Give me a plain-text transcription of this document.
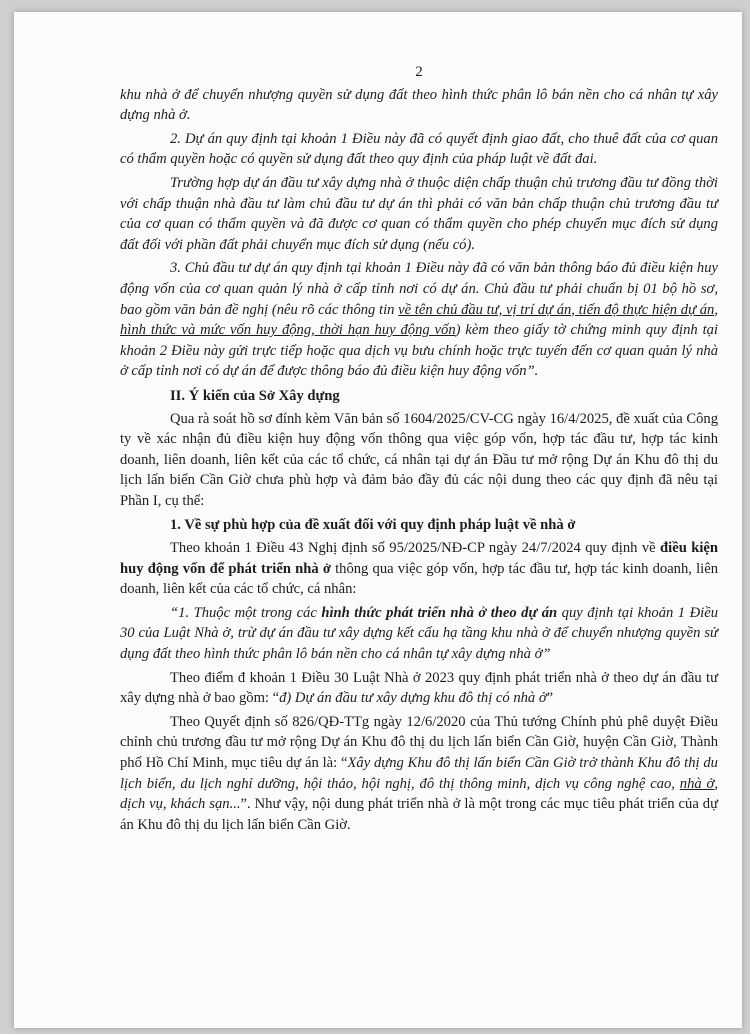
2

khu nhà ở để chuyển nhượng quyền sử dụng đất theo hình thức phân lô bán nền cho cá nhân tự xây dựng nhà ở.

2. Dự án quy định tại khoản 1 Điều này đã có quyết định giao đất, cho thuê đất của cơ quan có thẩm quyền hoặc có quyền sử dụng đất theo quy định của pháp luật về đất đai.

Trường hợp dự án đầu tư xây dựng nhà ở thuộc diện chấp thuận chủ trương đầu tư đồng thời với chấp thuận nhà đầu tư làm chủ đầu tư dự án thì phải có văn bản chấp thuận chủ trương đầu tư của cơ quan có thẩm quyền và đã được cơ quan có thẩm quyền cho phép chuyển mục đích sử dụng đất đối với phần đất phải chuyển mục đích sử dụng (nếu có).

3. Chủ đầu tư dự án quy định tại khoản 1 Điều này đã có văn bản thông báo đủ điều kiện huy động vốn của cơ quan quản lý nhà ở cấp tỉnh nơi có dự án. Chủ đầu tư phải chuẩn bị 01 bộ hồ sơ, bao gồm văn bản đề nghị (nêu rõ các thông tin về tên chủ đầu tư, vị trí dự án, tiến độ thực hiện dự án, hình thức và mức vốn huy động, thời hạn huy động vốn) kèm theo giấy tờ chứng minh quy định tại khoản 2 Điều này gửi trực tiếp hoặc qua dịch vụ bưu chính hoặc trực tuyến đến cơ quan quản lý nhà ở cấp tỉnh nơi có dự án để được thông báo đủ điều kiện huy động vốn”.

II. Ý kiến của Sở Xây dựng

Qua rà soát hồ sơ đính kèm Văn bản số 1604/2025/CV-CG ngày 16/4/2025, đề xuất của Công ty về xác nhận đủ điều kiện huy động vốn thông qua việc góp vốn, hợp tác đầu tư, hợp tác kinh doanh, liên doanh, liên kết của các tổ chức, cá nhân tại dự án Đầu tư mở rộng Dự án Khu đô thị du lịch lấn biển Cần Giờ chưa phù hợp và đảm bảo đầy đủ các nội dung theo các quy định đã nêu tại Phần I, cụ thể:

1. Về sự phù hợp của đề xuất đối với quy định pháp luật về nhà ở

Theo khoản 1 Điều 43 Nghị định số 95/2025/NĐ-CP ngày 24/7/2024 quy định về điều kiện huy động vốn để phát triển nhà ở thông qua việc góp vốn, hợp tác đầu tư, hợp tác kinh doanh, liên doanh, liên kết của các tổ chức, cá nhân:

“1. Thuộc một trong các hình thức phát triển nhà ở theo dự án quy định tại khoản 1 Điều 30 của Luật Nhà ở, trừ dự án đầu tư xây dựng kết cấu hạ tầng khu nhà ở để chuyển nhượng quyền sử dụng đất theo hình thức phân lô bán nền cho cá nhân tự xây dựng nhà ở”

Theo điểm đ khoản 1 Điều 30 Luật Nhà ở 2023 quy định phát triển nhà ở theo dự án đầu tư xây dựng nhà ở bao gồm: “đ) Dự án đầu tư xây dựng khu đô thị có nhà ở”

Theo Quyết định số 826/QĐ-TTg ngày 12/6/2020 của Thủ tướng Chính phủ phê duyệt Điều chỉnh chủ trương đầu tư mở rộng Dự án Khu đô thị du lịch lấn biển Cần Giờ, huyện Cần Giờ, Thành phố Hồ Chí Minh, mục tiêu dự án là: “Xây dựng Khu đô thị lấn biển Cần Giờ trở thành Khu đô thị du lịch biển, du lịch nghỉ dưỡng, hội thảo, hội nghị, đô thị thông minh, dịch vụ công nghệ cao, nhà ở, dịch vụ, khách sạn...”. Như vậy, nội dung phát triển nhà ở là một trong các mục tiêu phát triển của dự án Khu đô thị du lịch lấn biển Cần Giờ.
